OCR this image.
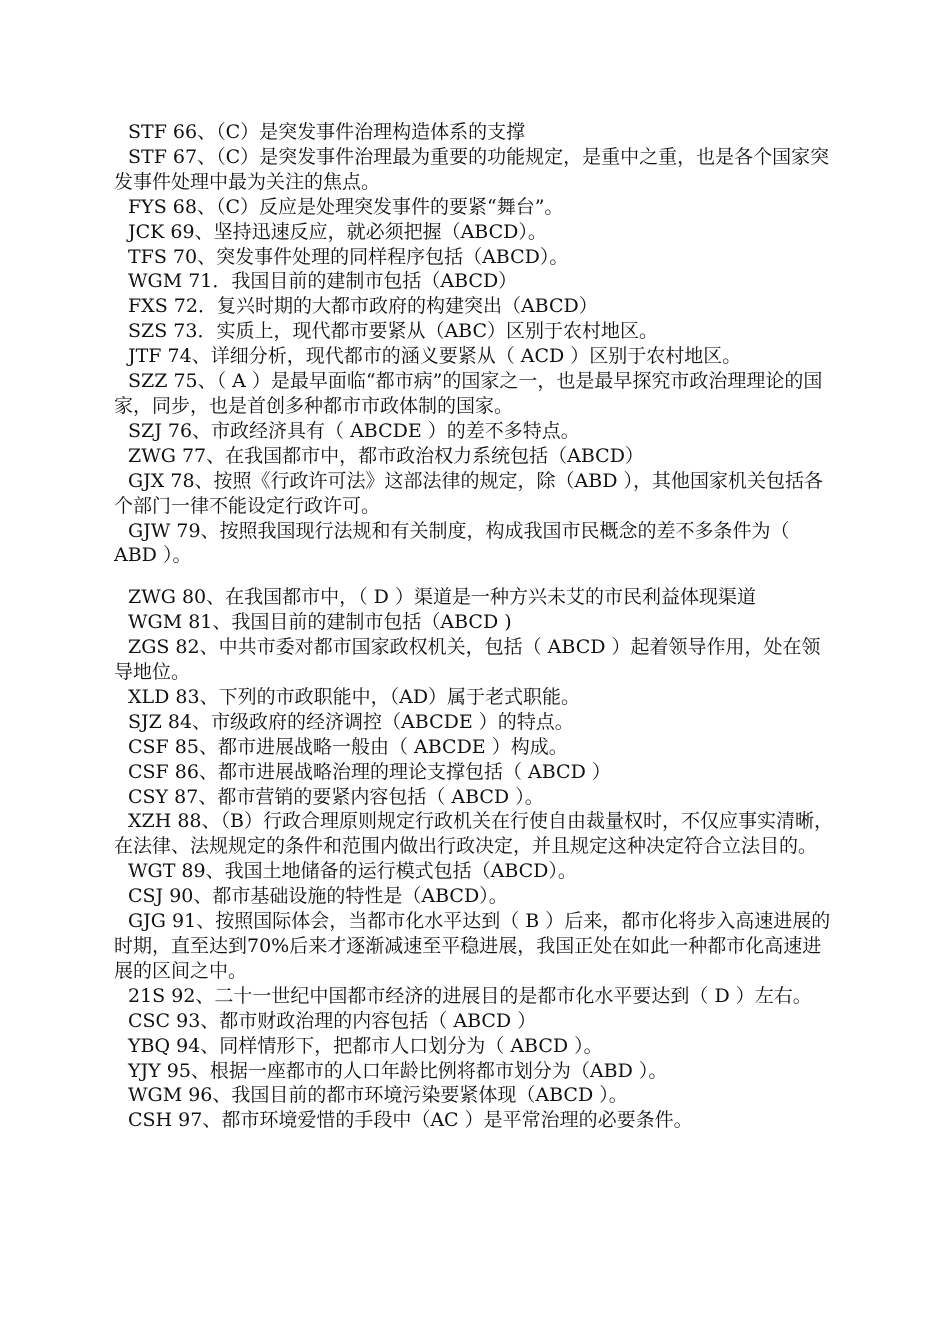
STF 66、（C）是突发事件治理构造体系的支撑

STF 67、（C）是突发事件治理最为重要的功能规定，是重中之重，也是各个国家突发事件处理中最为关注的焦点。

FYS 68、（C）反应是处理突发事件的要紧“舞台”。

JCK 69、坚持迅速反应，就必须把握（ABCD）。

TFS 70、突发事件处理的同样程序包括（ABCD）。

WGM 71．我国目前的建制市包括（ABCD）

FXS 72．复兴时期的大都市政府的构建突出（ABCD）

SZS 73．实质上，现代都市要紧从（ABC）区别于农村地区。

JTF 74、详细分析，现代都市的涵义要紧从（ ACD ）区别于农村地区。

SZZ 75、（ A ）是最早面临“都市病”的国家之一，也是最早探究市政治理理论的国家，同步，也是首创多种都市市政体制的国家。

SZJ 76、市政经济具有（ ABCDE ）的差不多特点。

ZWG 77、在我国都市中，都市政治权力系统包括（ABCD）

GJX 78、按照《行政许可法》这部法律的规定，除（ABD ），其他国家机关包括各个部门一律不能设定行政许可。

GJW 79、按照我国现行法规和有关制度，构成我国市民概念的差不多条件为（ ABD ）。

ZWG 80、在我国都市中，（ D ）渠道是一种方兴未艾的市民利益体现渠道

WGM 81、我国目前的建制市包括（ABCD )

ZGS 82、中共市委对都市国家政权机关，包括（ ABCD ）起着领导作用，处在领导地位。

XLD 83、下列的市政职能中，（AD）属于老式职能。

SJZ 84、市级政府的经济调控（ABCDE ）的特点。

CSF 85、都市进展战略一般由（ ABCDE ）构成。

CSF 86、都市进展战略治理的理论支撑包括（ ABCD ）

CSY 87、都市营销的要紧内容包括（ ABCD ）。

XZH 88、（B）行政合理原则规定行政机关在行使自由裁量权时，不仅应事实清晰，在法律、法规规定的条件和范围内做出行政决定，并且规定这种决定符合立法目的。

WGT 89、我国土地储备的运行模式包括（ABCD）。

CSJ 90、都市基础设施的特性是（ABCD）。

GJG 91、按照国际体会，当都市化水平达到（ B ）后来，都市化将步入高速进展的时期，直至达到70%后来才逐渐减速至平稳进展，我国正处在如此一种都市化高速进展的区间之中。

21S 92、二十一世纪中国都市经济的进展目的是都市化水平要达到（ D ）左右。

CSC 93、都市财政治理的内容包括（ ABCD ）

YBQ 94、同样情形下，把都市人口划分为（ ABCD ）。

YJY 95、根据一座都市的人口年龄比例将都市划分为（ABD ）。

WGM 96、我国目前的都市环境污染要紧体现（ABCD ）。

CSH 97、都市环境爱惜的手段中（AC ）是平常治理的必要条件。
